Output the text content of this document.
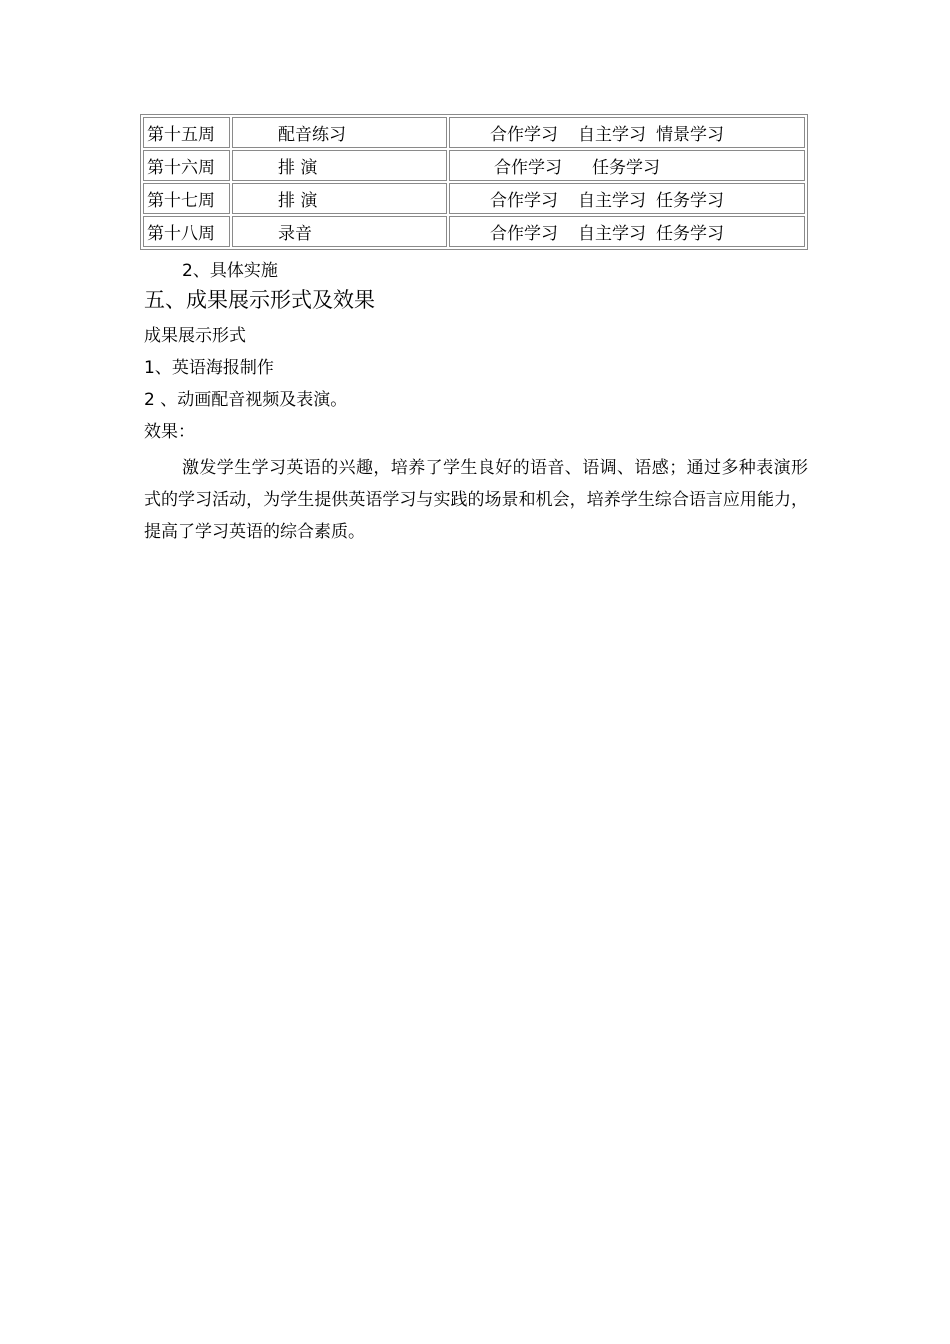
第十五周	配音练习	合作学习 自主学习 情景学习
第十六周	排 演	合作学习 任务学习
第十七周	排 演	合作学习 自主学习 任务学习
第十八周	录音	合作学习 自主学习 任务学习
2、具体实施
五、成果展示形式及效果
成果展示形式
1、英语海报制作
2 、动画配音视频及表演。
效果：
激发学生学习英语的兴趣，培养了学生良好的语音、语调、语感；通过多种表演形式的学习活动，为学生提供英语学习与实践的场景和机会，培养学生综合语言应用能力，提高了学习英语的综合素质。
